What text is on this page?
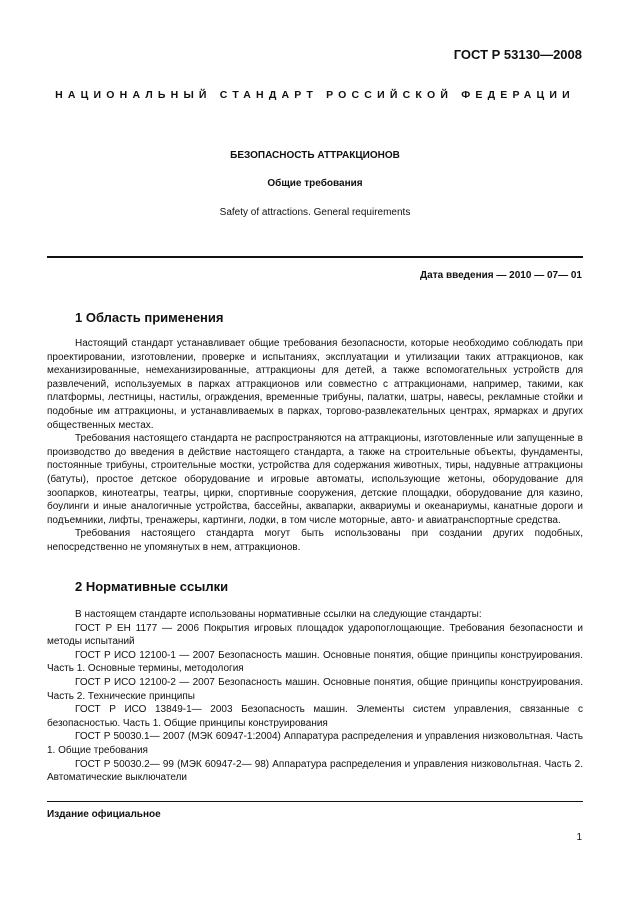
ГОСТ Р 53130—2008
НАЦИОНАЛЬНЫЙ СТАНДАРТ РОССИЙСКОЙ ФЕДЕРАЦИИ
БЕЗОПАСНОСТЬ АТТРАКЦИОНОВ
Общие требования
Safety of attractions. General requirements
Дата введения — 2010 — 07— 01
1 Область применения

Настоящий стандарт устанавливает общие требования безопасности, которые необходимо соблюдать при проектировании, изготовлении, проверке и испытаниях, эксплуатации и утилизации таких аттракционов, как механизированные, немеханизированные, аттракционы для детей, а также вспомогательных устройств для развлечений, используемых в парках аттракционов или совместно с аттракционами, например, такими, как платформы, лестницы, настилы, ограждения, временные трибуны, палатки, шатры, навесы, рекламные стойки и подобные им аттракционы, и устанавливаемых в парках, торгово-развлекательных центрах, ярмарках и других общественных местах.

Требования настоящего стандарта не распространяются на аттракционы, изготовленные или запущенные в производство до введения в действие настоящего стандарта, а также на строительные объекты, фундаменты, постоянные трибуны, строительные мостки, устройства для содержания животных, тиры, надувные аттракционы (батуты), простое детское оборудование и игровые автоматы, использующие жетоны, оборудование для зоопарков, кинотеатры, театры, цирки, спортивные сооружения, детские площадки, оборудование для казино, боулинги и иные аналогичные устройства, бассейны, аквапарки, аквариумы и океанариумы, канатные дороги и подъемники, лифты, тренажеры, картинги, лодки, в том числе моторные, авто- и авиатранспортные средства.

Требования настоящего стандарта могут быть использованы при создании других подобных, непосредственно не упомянутых в нем, аттракционов.

2 Нормативные ссылки

В настоящем стандарте использованы нормативные ссылки на следующие стандарты:

ГОСТ Р ЕН 1177 — 2006 Покрытия игровых площадок ударопоглощающие. Требования безопасности и методы испытаний

ГОСТ Р ИСО 12100-1 — 2007 Безопасность машин. Основные понятия, общие принципы конструирования. Часть 1. Основные термины, методология

ГОСТ Р ИСО 12100-2 — 2007 Безопасность машин. Основные понятия, общие принципы конструирования. Часть 2. Технические принципы

ГОСТ Р ИСО 13849-1— 2003 Безопасность машин. Элементы систем управления, связанные с безопасностью. Часть 1. Общие принципы конструирования

ГОСТ Р 50030.1— 2007 (МЭК 60947-1:2004) Аппаратура распределения и управления низковольтная. Часть 1. Общие требования

ГОСТ Р 50030.2— 99 (МЭК 60947-2— 98) Аппаратура распределения и управления низковольтная. Часть 2. Автоматические выключатели

Издание официальное
1
